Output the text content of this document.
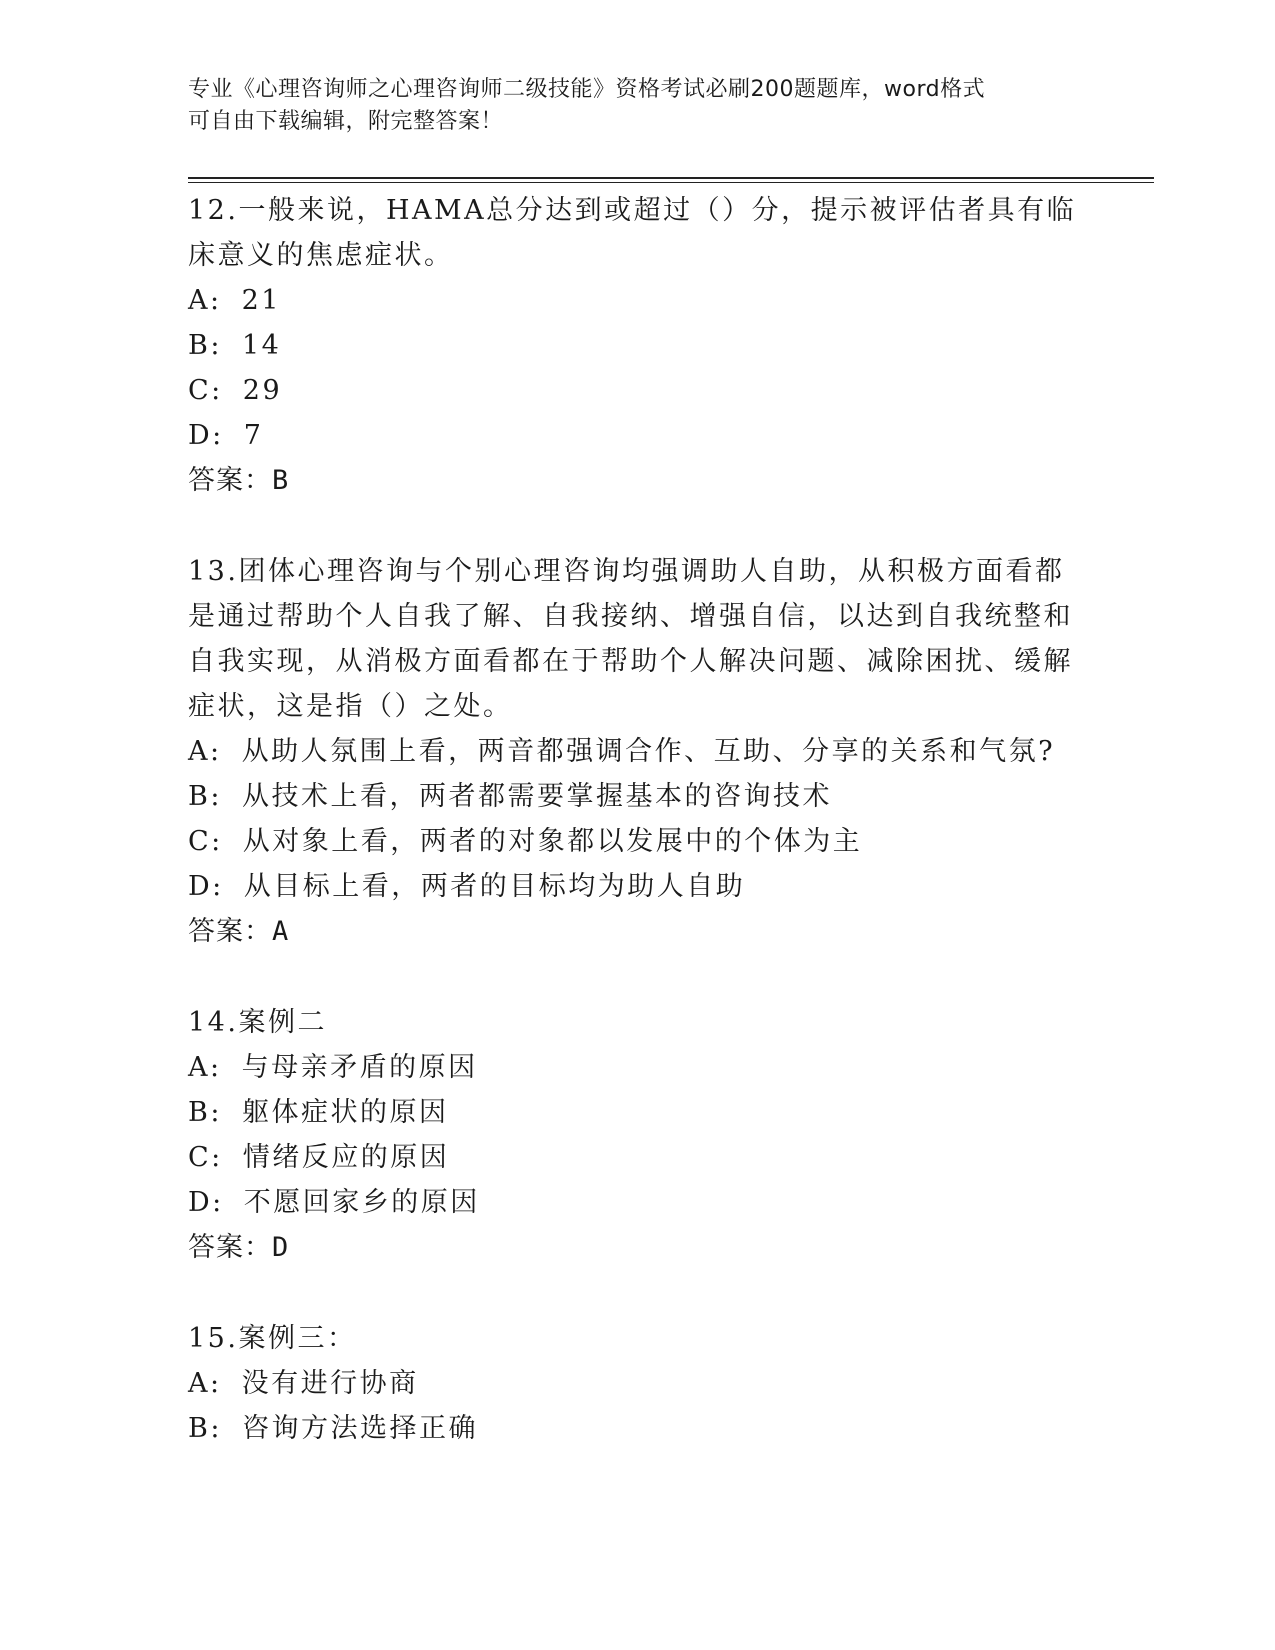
专业《心理咨询师之心理咨询师二级技能》资格考试必刷200题题库，word格式
可自由下载编辑，附完整答案！
12.一般来说，HAMA总分达到或超过（）分，提示被评估者具有临床意义的焦虑症状。
A: 21
B: 14
C: 29
D: 7
答案：B
13.团体心理咨询与个别心理咨询均强调助人自助，从积极方面看都是通过帮助个人自我了解、自我接纳、增强自信，以达到自我统整和自我实现，从消极方面看都在于帮助个人解决问题、减除困扰、缓解症状，这是指（）之处。
A: 从助人氛围上看，两音都强调合作、互助、分享的关系和气氛?
B: 从技术上看，两者都需要掌握基本的咨询技术
C: 从对象上看，两者的对象都以发展中的个体为主
D: 从目标上看，两者的目标均为助人自助
答案：A
14.案例二
A: 与母亲矛盾的原因
B: 躯体症状的原因
C: 情绪反应的原因
D: 不愿回家乡的原因
答案：D
15.案例三：
A: 没有进行协商
B: 咨询方法选择正确
